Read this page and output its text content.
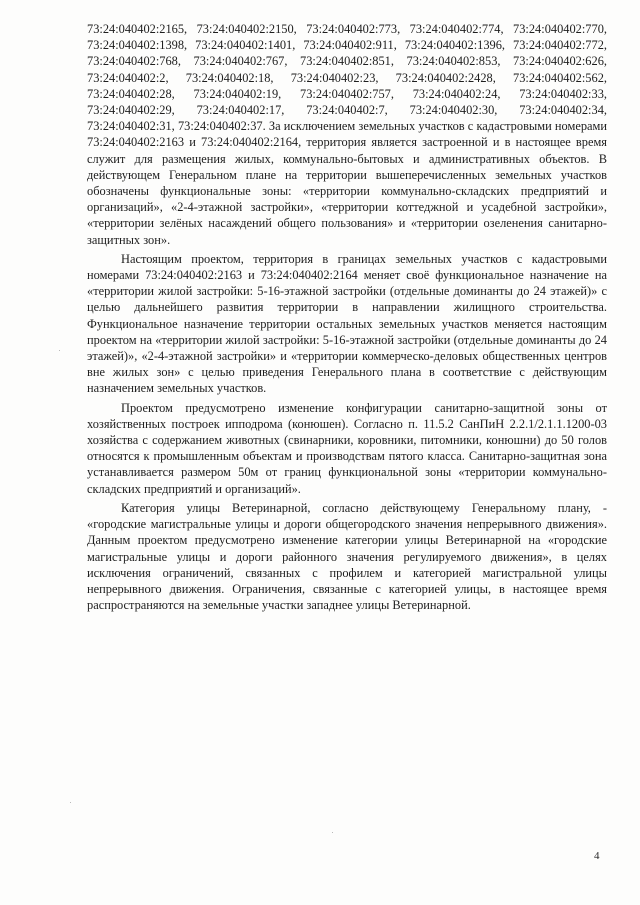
73:24:040402:2165, 73:24:040402:2150, 73:24:040402:773, 73:24:040402:774, 73:24:040402:770, 73:24:040402:1398, 73:24:040402:1401, 73:24:040402:911, 73:24:040402:1396, 73:24:040402:772, 73:24:040402:768, 73:24:040402:767, 73:24:040402:851, 73:24:040402:853, 73:24:040402:626, 73:24:040402:2, 73:24:040402:18, 73:24:040402:23, 73:24:040402:2428, 73:24:040402:562, 73:24:040402:28, 73:24:040402:19, 73:24:040402:757, 73:24:040402:24, 73:24:040402:33, 73:24:040402:29, 73:24:040402:17, 73:24:040402:7, 73:24:040402:30, 73:24:040402:34, 73:24:040402:31, 73:24:040402:37. За исключением земельных участков с кадастровыми номерами 73:24:040402:2163 и 73:24:040402:2164, территория является застроенной и в настоящее время служит для размещения жилых, коммунально-бытовых и административных объектов. В действующем Генеральном плане на территории вышеперечисленных земельных участков обозначены функциональные зоны: «территории коммунально-складских предприятий и организаций», «2-4-этажной застройки», «территории коттеджной и усадебной застройки», «территории зелёных насаждений общего пользования» и «территории озеленения санитарно-защитных зон».

Настоящим проектом, территория в границах земельных участков с кадастровыми номерами 73:24:040402:2163 и 73:24:040402:2164 меняет своё функциональное назначение на «территории жилой застройки: 5-16-этажной застройки (отдельные доминанты до 24 этажей)» с целью дальнейшего развития территории в направлении жилищного строительства. Функциональное назначение территории остальных земельных участков меняется настоящим проектом на «территории жилой застройки: 5-16-этажной застройки (отдельные доминанты до 24 этажей)», «2-4-этажной застройки» и «территории коммерческо-деловых общественных центров вне жилых зон» с целью приведения Генерального плана в соответствие с действующим назначением земельных участков.

Проектом предусмотрено изменение конфигурации санитарно-защитной зоны от хозяйственных построек ипподрома (конюшен). Согласно п. 11.5.2 СанПиН 2.2.1/2.1.1.1200-03 хозяйства с содержанием животных (свинарники, коровники, питомники, конюшни) до 50 голов относятся к промышленным объектам и производствам пятого класса. Санитарно-защитная зона устанавливается размером 50м от границ функциональной зоны «территории коммунально-складских предприятий и организаций».

Категория улицы Ветеринарной, согласно действующему Генеральному плану, - «городские магистральные улицы и дороги общегородского значения непрерывного движения». Данным проектом предусмотрено изменение категории улицы Ветеринарной на «городские магистральные улицы и дороги районного значения регулируемого движения», в целях исключения ограничений, связанных с профилем и категорией магистральной улицы непрерывного движения. Ограничения, связанные с категорией улицы, в настоящее время распространяются на земельные участки западнее улицы Ветеринарной.

4
